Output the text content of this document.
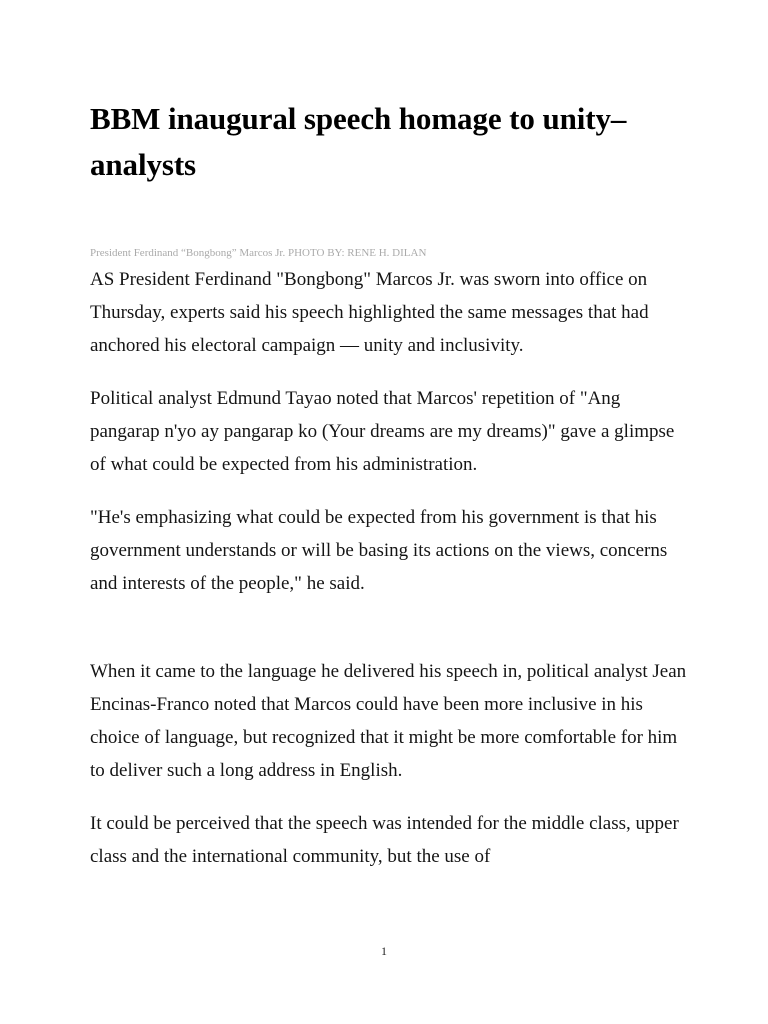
BBM inaugural speech homage to unity– analysts
President Ferdinand “Bongbong” Marcos Jr. PHOTO BY: RENE H. DILAN

AS President Ferdinand "Bongbong" Marcos Jr. was sworn into office on Thursday, experts said his speech highlighted the same messages that had anchored his electoral campaign — unity and inclusivity.

Political analyst Edmund Tayao noted that Marcos' repetition of "Ang pangarap n'yo ay pangarap ko (Your dreams are my dreams)" gave a glimpse of what could be expected from his administration.

"He's emphasizing what could be expected from his government is that his government understands or will be basing its actions on the views, concerns and interests of the people," he said.

When it came to the language he delivered his speech in, political analyst Jean Encinas-Franco noted that Marcos could have been more inclusive in his choice of language, but recognized that it might be more comfortable for him to deliver such a long address in English.

It could be perceived that the speech was intended for the middle class, upper class and the international community, but the use of

1
